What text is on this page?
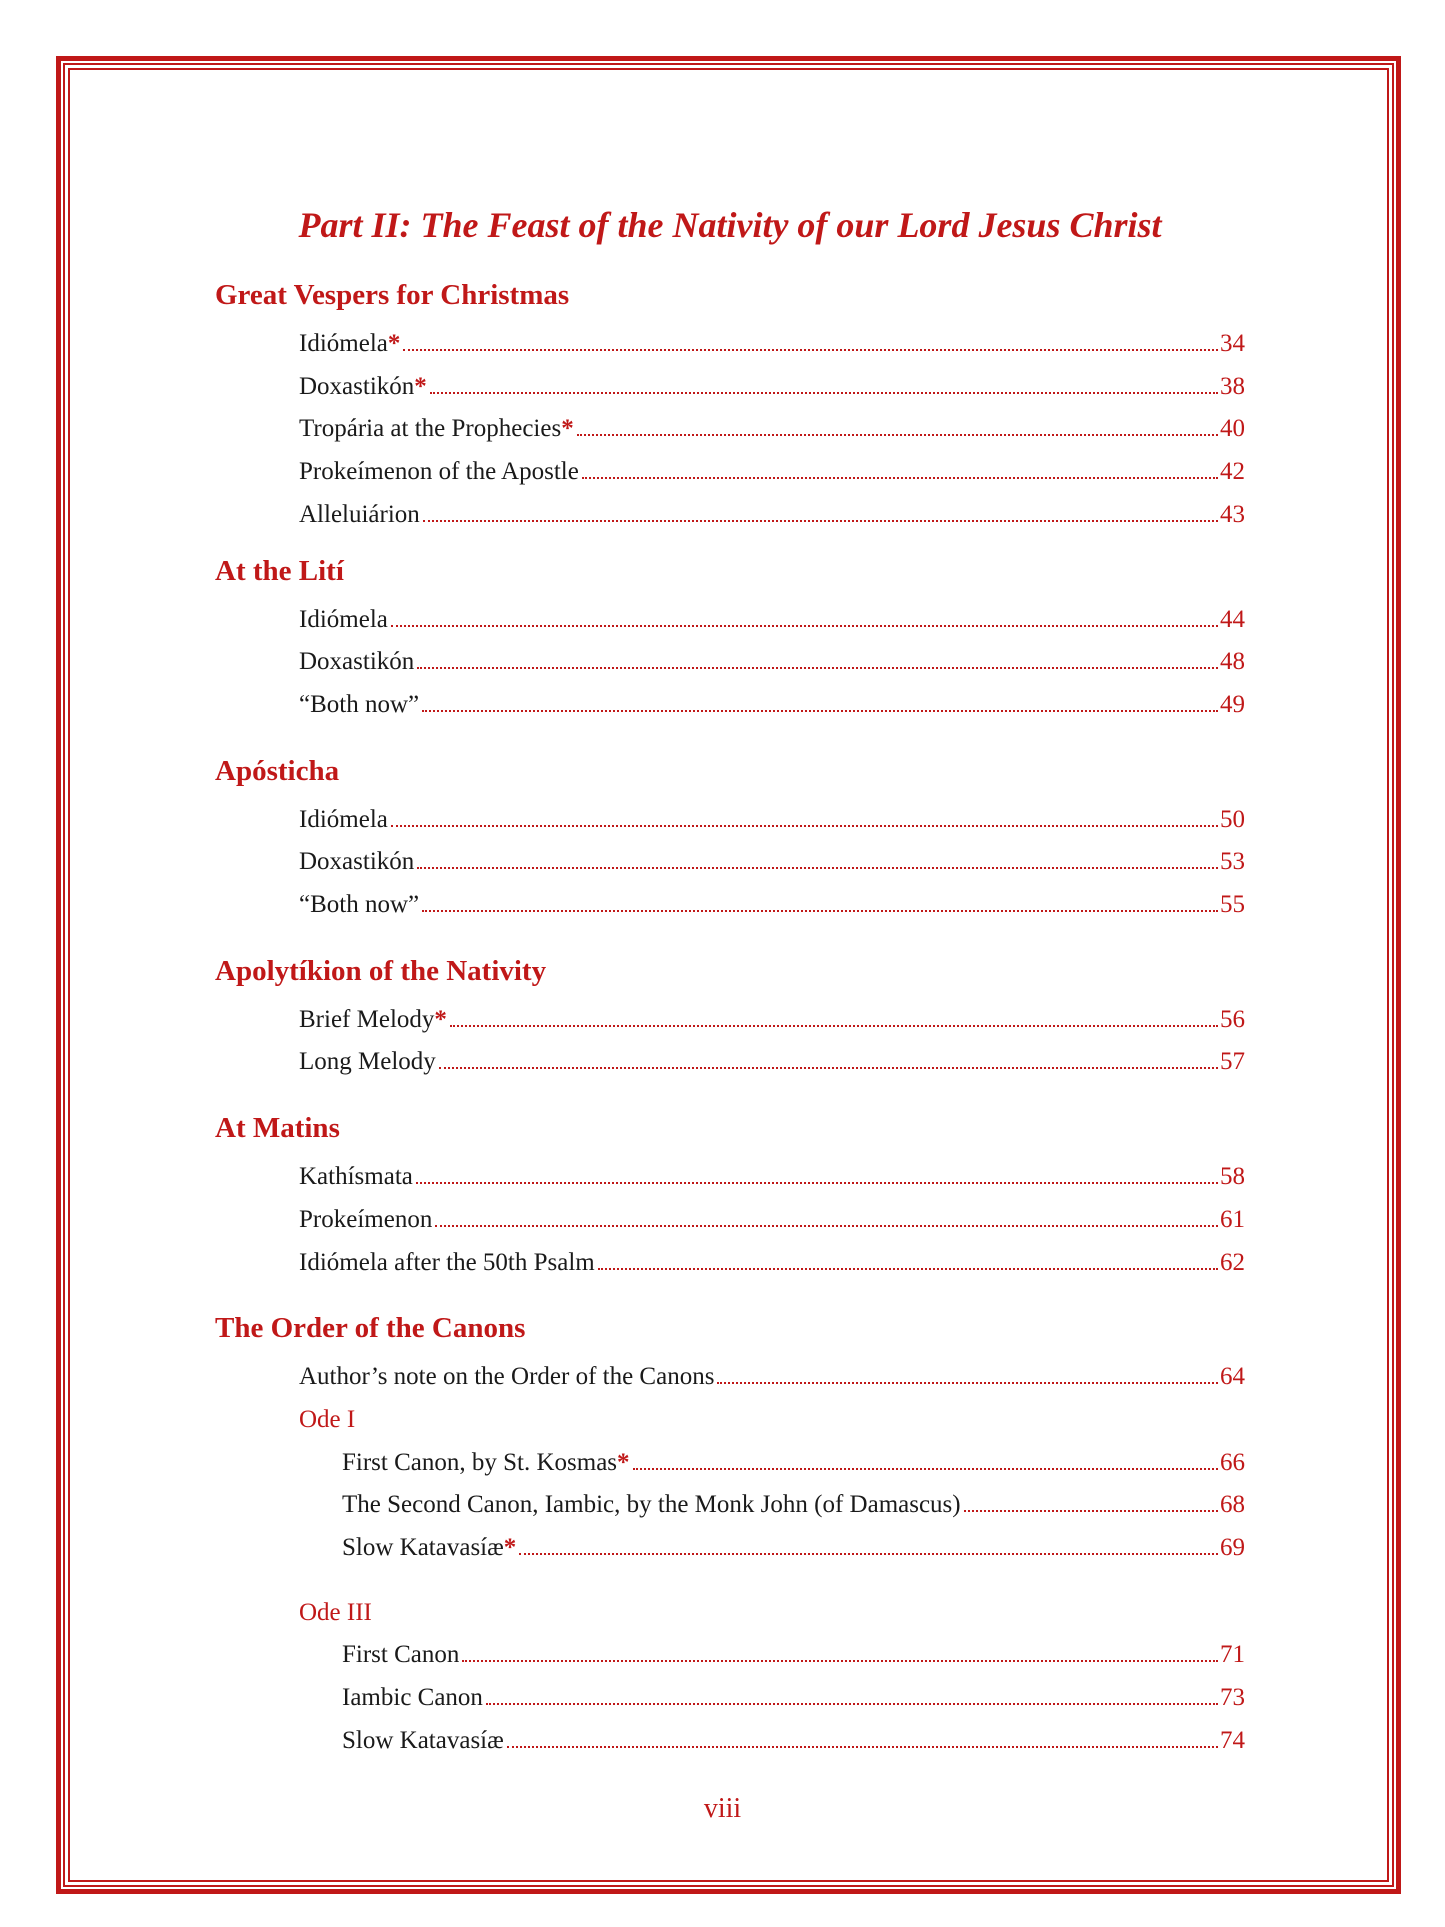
Part II: The Feast of the Nativity of our Lord Jesus Christ
Great Vespers for Christmas
Idiómela *	34
Doxastikón *	38
Tropária at the Prophecies *	40
Prokeímenon of the Apostle	42
Alleluiárion	43
At the Lití
Idiómela	44
Doxastikón	48
“Both now”	49
Apósticha
Idiómela	50
Doxastikón	53
“Both now”	55
Apolytíkion of the Nativity
Brief Melody *	56
Long Melody	57
At Matins
Kathísmata	58
Prokeímenon	61
Idiómela after the 50th Psalm	62
The Order of the Canons
Author’s note on the Order of the Canons	64
Ode I
First Canon, by St. Kosmas *	66
The Second Canon, Iambic, by the Monk John (of Damascus)	68
Slow Katavasíæ *	69
Ode III
First Canon	71
Iambic Canon	73
Slow Katavasíæ	74
viii
